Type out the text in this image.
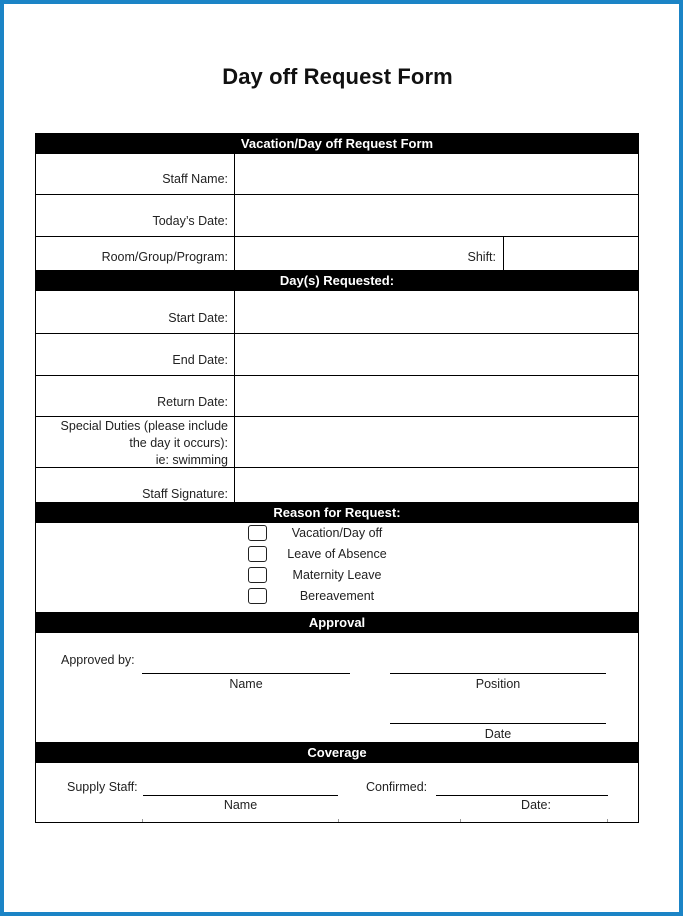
Day off Request Form
Vacation/Day off Request Form
Staff Name:
Today’s Date:
Room/Group/Program:	Shift:
Day(s) Requested:
Start Date:
End Date:
Return Date:
Special Duties (please include
the day it occurs):
ie: swimming
Staff Signature:
Reason for Request:
Vacation/Day off
Leave of Absence
Maternity Leave
Bereavement
Approval
Approved by:
Name	Position
Date
Coverage
Supply Staff:
Name
Confirmed:
Date:
